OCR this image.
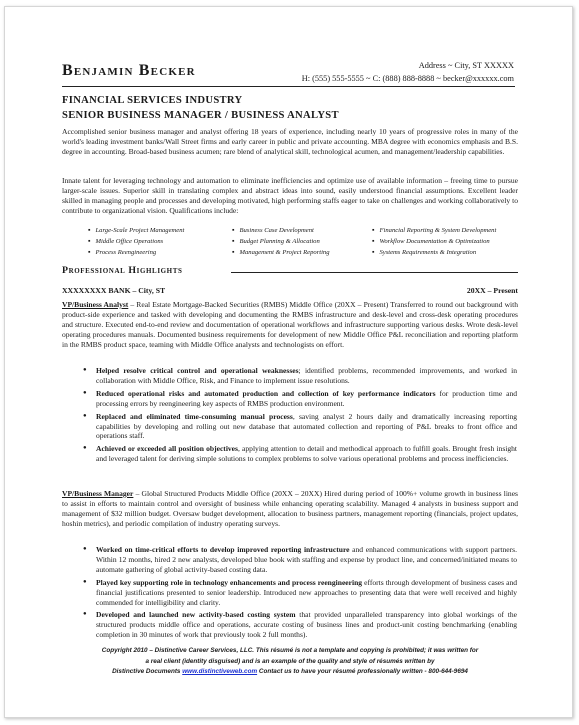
Benjamin Becker	Address ~ City, ST XXXXX
H: (555) 555-5555 ~ C: (888) 888-8888 ~ becker@xxxxxx.com
FINANCIAL SERVICES INDUSTRY
SENIOR BUSINESS MANAGER / BUSINESS ANALYST
Accomplished senior business manager and analyst offering 18 years of experience, including nearly 10 years of progressive roles in many of the world's leading investment banks/Wall Street firms and early career in public and private accounting. MBA degree with economics emphasis and B.S. degree in accounting. Broad-based business acumen; rare blend of analytical skill, technological acumen, and management/leadership capabilities.
Innate talent for leveraging technology and automation to eliminate inefficiencies and optimize use of available information – freeing time to pursue larger-scale issues. Superior skill in translating complex and abstract ideas into sound, easily understood financial assumptions. Excellent leader skilled in managing people and processes and developing motivated, high performing staffs eager to take on challenges and working collaboratively to contribute to organizational vision. Qualifications include:
▪ Large-Scale Project Management	▪ Business Case Development	▪ Financial Reporting & System Development
▪ Middle Office Operations	▪ Budget Planning & Allocation	▪ Workflow Documentation & Optimization
▪ Process Reengineering	▪ Management & Project Reporting	▪ Systems Requirements & Integration
Professional Highlights
XXXXXXXX BANK – City, ST	20XX – Present
VP/Business Analyst – Real Estate Mortgage-Backed Securities (RMBS) Middle Office (20XX – Present) Transferred to round out background with product-side experience and tasked with developing and documenting the RMBS infrastructure and desk-level and cross-desk operating procedures and structure. Executed end-to-end review and documentation of operational workflows and infrastructure supporting various desks. Wrote desk-level operating procedures manuals. Documented business requirements for development of new Middle Office P&L reconciliation and reporting platform in the RMBS product space, teaming with Middle Office analysts and technologists on effort.
● Helped resolve critical control and operational weaknesses; identified problems, recommended improvements, and worked in collaboration with Middle Office, Risk, and Finance to implement issue resolutions.
● Reduced operational risks and automated production and collection of key performance indicators for production time and processing errors by reengineering key aspects of RMBS production environment.
● Replaced and eliminated time-consuming manual process, saving analyst 2 hours daily and dramatically increasing reporting capabilities by developing and rolling out new database that automated collection and reporting of P&L breaks to front office and operations staff.
● Achieved or exceeded all position objectives, applying attention to detail and methodical approach to fulfill goals. Brought fresh insight and leveraged talent for deriving simple solutions to complex problems to solve various operational problems and process inefficiencies.
VP/Business Manager – Global Structured Products Middle Office (20XX – 20XX) Hired during period of 100%+ volume growth in business lines to assist in efforts to maintain control and oversight of business while enhancing operating scalability. Managed 4 analysts in business support and management of $32 million budget. Oversaw budget development, allocation to business partners, management reporting (financials, project updates, hoshin metrics), and periodic compilation of industry operating surveys.
● Worked on time-critical efforts to develop improved reporting infrastructure and enhanced communications with support partners. Within 12 months, hired 2 new analysts, developed blue book with staffing and expense by product line, and concerned/initiated means to automate gathering of global activity-based costing data.
● Played key supporting role in technology enhancements and process reengineering efforts through development of business cases and financial justifications presented to senior leadership. Introduced new approaches to presenting data that were well received and highly commended for intelligibility and clarity.
● Developed and launched new activity-based costing system that provided unparalleled transparency into global workings of the structured products middle office and operations, accurate costing of business lines and product-unit costing benchmarking (enabling completion in 30 minutes of work that previously took 2 full months).
Copyright 2010 – Distinctive Career Services, LLC. This résumé is not a template and copying is prohibited; it was written for
a real client (identity disguised) and is an example of the quality and style of résumés written by
Distinctive Documents www.distinctiveweb.com Contact us to have your résumé professionally written - 800-644-9694
